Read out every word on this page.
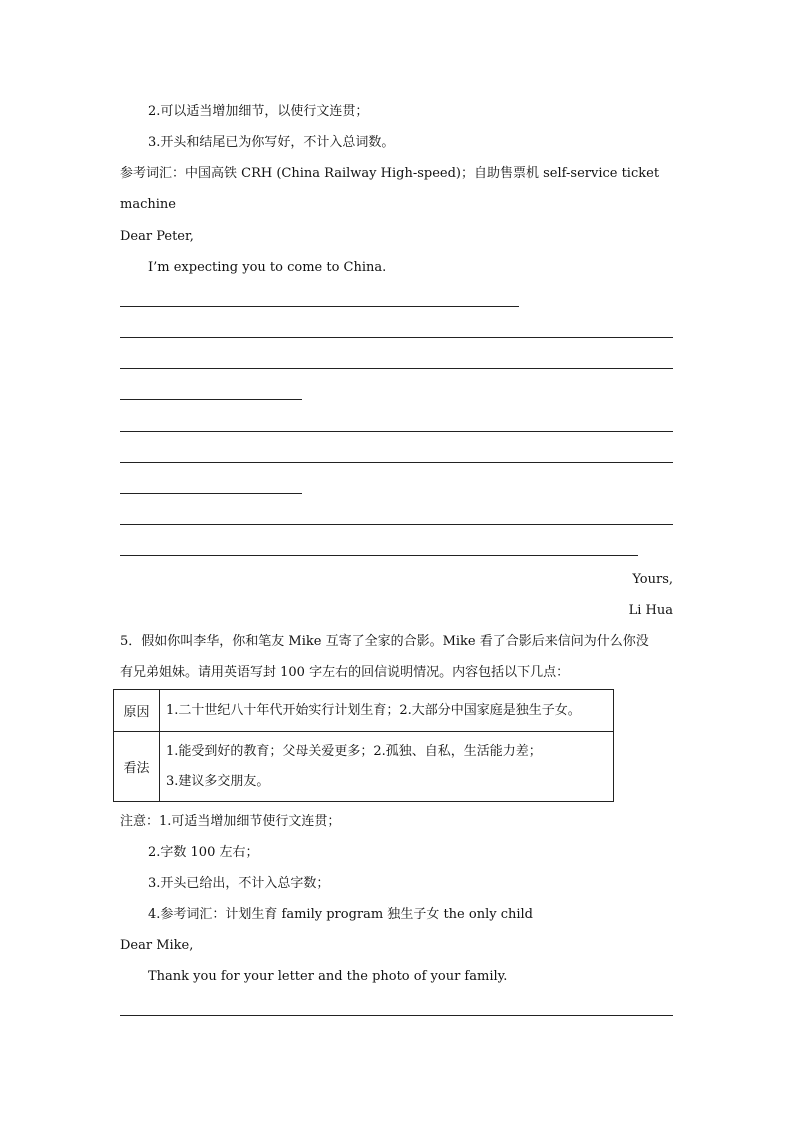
2.可以适当增加细节，以使行文连贯；
3.开头和结尾已为你写好，不计入总词数。
参考词汇：中国高铁 CRH (China Railway High-speed)；自助售票机 self-service ticket
machine
Dear Peter,
I’m expecting you to come to China.
Yours,
Li Hua
5．假如你叫李华，你和笔友 Mike 互寄了全家的合影。Mike 看了合影后来信问为什么你没
有兄弟姐妹。请用英语写封 100 字左右的回信说明情况。内容包括以下几点：
原因	1.二十世纪八十年代开始实行计划生育；2.大部分中国家庭是独生子女。

看法	1.能受到好的教育；父母关爱更多；2.孤独、自私，生活能力差；
3.建议多交朋友。
注意：1.可适当增加细节使行文连贯；
2.字数 100 左右；
3.开头已给出，不计入总字数；
4.参考词汇：计划生育 family program 独生子女 the only child
Dear Mike,
Thank you for your letter and the photo of your family.
